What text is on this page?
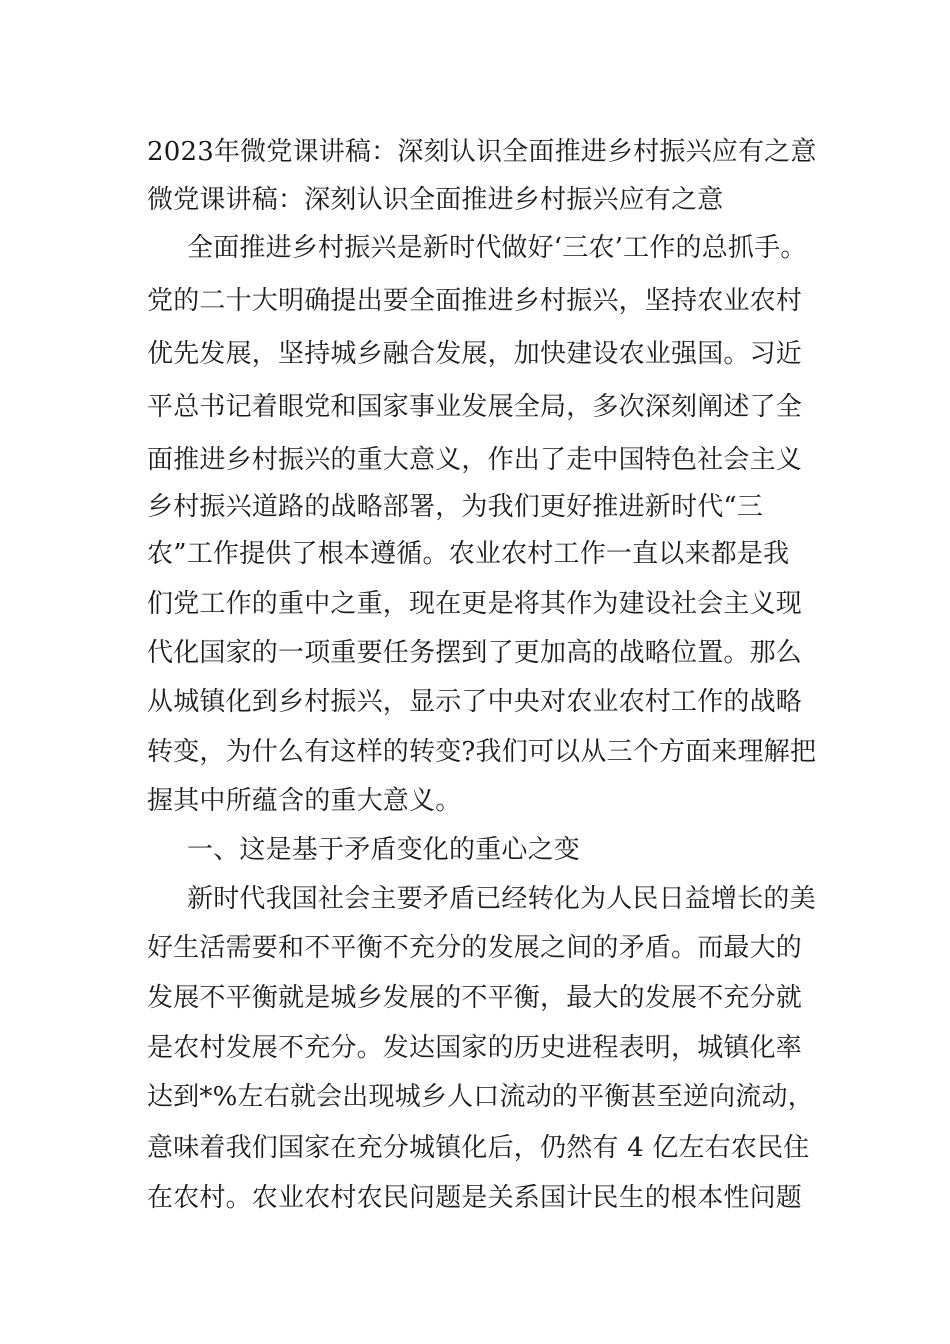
2023年微党课讲稿：深刻认识全面推进乡村振兴应有之意
微党课讲稿：深刻认识全面推进乡村振兴应有之意
全面推进乡村振兴是新时代做好‘三农’工作的总抓手。
党的二十大明确提出要全面推进乡村振兴，坚持农业农村
优先发展，坚持城乡融合发展，加快建设农业强国。习近
平总书记着眼党和国家事业发展全局，多次深刻阐述了全
面推进乡村振兴的重大意义，作出了走中国特色社会主义
乡村振兴道路的战略部署，为我们更好推进新时代“三
农”工作提供了根本遵循。农业农村工作一直以来都是我
们党工作的重中之重，现在更是将其作为建设社会主义现
代化国家的一项重要任务摆到了更加高的战略位置。那么
从城镇化到乡村振兴，显示了中央对农业农村工作的战略
转变，为什么有这样的转变?我们可以从三个方面来理解把
握其中所蕴含的重大意义。
一、这是基于矛盾变化的重心之变
新时代我国社会主要矛盾已经转化为人民日益增长的美
好生活需要和不平衡不充分的发展之间的矛盾。而最大的
发展不平衡就是城乡发展的不平衡，最大的发展不充分就
是农村发展不充分。发达国家的历史进程表明，城镇化率
达到*%左右就会出现城乡人口流动的平衡甚至逆向流动，
意味着我们国家在充分城镇化后，仍然有 4 亿左右农民住
在农村。农业农村农民问题是关系国计民生的根本性问题
